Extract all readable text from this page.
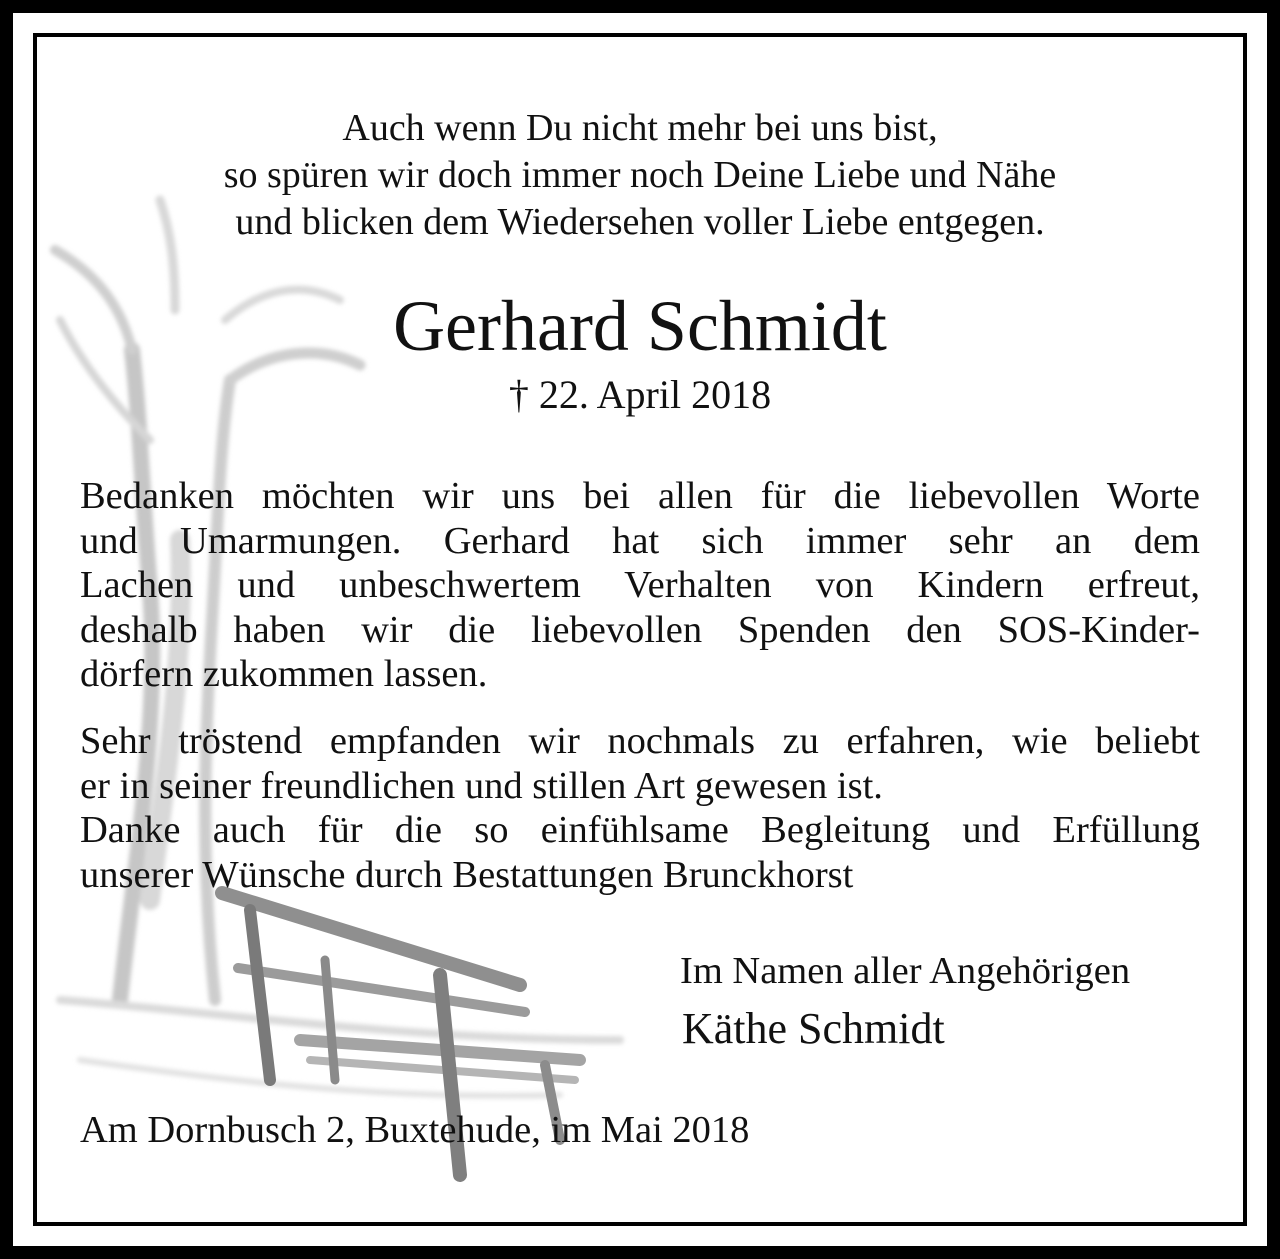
Auch wenn Du nicht mehr bei uns bist,
so spüren wir doch immer noch Deine Liebe und Nähe
und blicken dem Wiedersehen voller Liebe entgegen.
Gerhard Schmidt
† 22. April 2018
Bedanken möchten wir uns bei allen für die liebevollen Worte
und Umarmungen. Gerhard hat sich immer sehr an dem
Lachen und unbeschwertem Verhalten von Kindern erfreut,
deshalb haben wir die liebevollen Spenden den SOS-Kinder-
dörfern zukommen lassen.
Sehr tröstend empfanden wir nochmals zu erfahren, wie beliebt
er in seiner freundlichen und stillen Art gewesen ist.
Danke auch für die so einfühlsame Begleitung und Erfüllung
unserer Wünsche durch Bestattungen Brunckhorst
Im Namen aller Angehörigen
Käthe Schmidt
Am Dornbusch 2, Buxtehude, im Mai 2018
